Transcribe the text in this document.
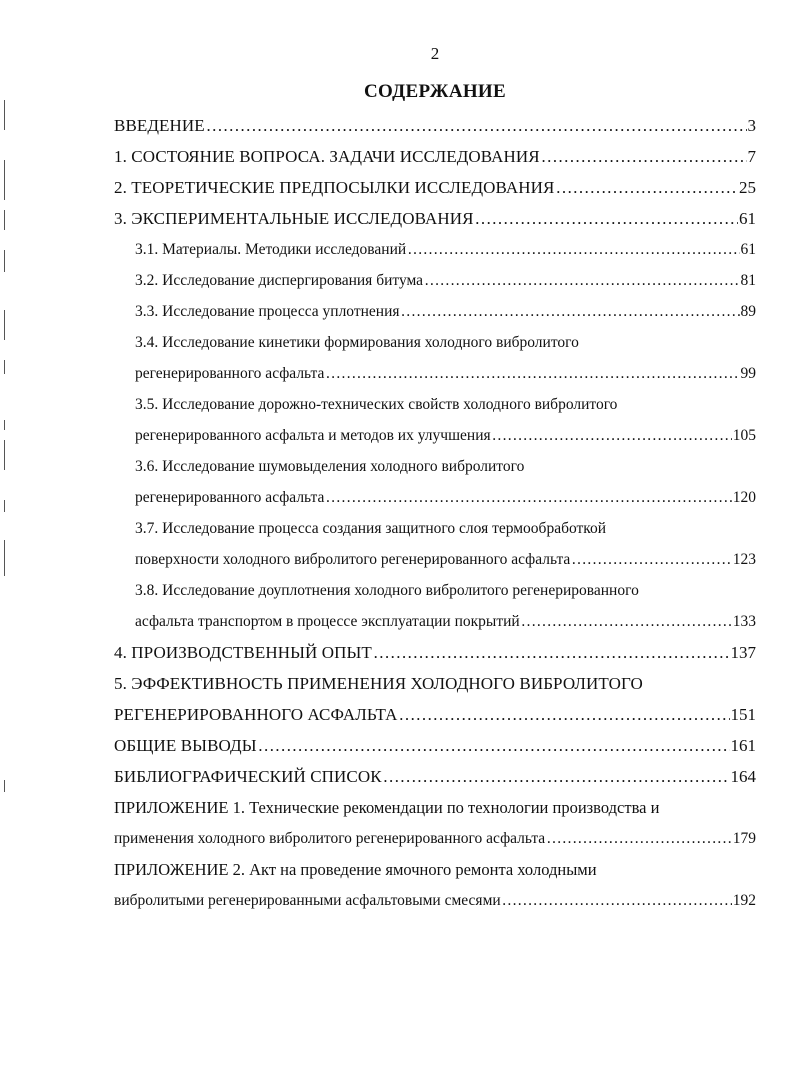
2
СОДЕРЖАНИЕ
ВВЕДЕНИЕ …………………………………………………………………………………………………………………………………………	3
1. СОСТОЯНИЕ ВОПРОСА. ЗАДАЧИ ИССЛЕДОВАНИЯ …………………………………………………………………………………………………………………………………………	7
2. ТЕОРЕТИЧЕСКИЕ ПРЕДПОСЫЛКИ ИССЛЕДОВАНИЯ …………………………………………………………………………………………………………………………………………	25
3. ЭКСПЕРИМЕНТАЛЬНЫЕ ИССЛЕДОВАНИЯ …………………………………………………………………………………………………………………………………………	61
3.1. Материалы. Методики исследований …………………………………………………………………………………………………………………………………………	61
3.2. Исследование диспергирования битума …………………………………………………………………………………………………………………………………………	81
3.3. Исследование процесса уплотнения …………………………………………………………………………………………………………………………………………	89
3.4. Исследование кинетики формирования холодного вибролитого
регенерированного асфальта …………………………………………………………………………………………………………………………………………	99
3.5. Исследование дорожно-технических свойств холодного вибролитого
регенерированного асфальта и методов их улучшения …………………………………………………………………………………………………………………………………………	105
3.6. Исследование шумовыделения холодного вибролитого
регенерированного асфальта …………………………………………………………………………………………………………………………………………	120
3.7. Исследование процесса создания защитного слоя термообработкой
поверхности холодного вибролитого регенерированного асфальта …………………………………………………………………………………………………………………………………………	123
3.8. Исследование доуплотнения холодного вибролитого регенерированного
асфальта транспортом в процессе эксплуатации покрытий …………………………………………………………………………………………………………………………………………	133
4. ПРОИЗВОДСТВЕННЫЙ ОПЫТ …………………………………………………………………………………………………………………………………………	137
5. ЭФФЕКТИВНОСТЬ ПРИМЕНЕНИЯ ХОЛОДНОГО ВИБРОЛИТОГО
РЕГЕНЕРИРОВАННОГО АСФАЛЬТА …………………………………………………………………………………………………………………………………………	151
ОБЩИЕ ВЫВОДЫ …………………………………………………………………………………………………………………………………………	161
БИБЛИОГРАФИЧЕСКИЙ СПИСОК …………………………………………………………………………………………………………………………………………	164
ПРИЛОЖЕНИЕ 1. Технические рекомендации по технологии производства и
применения холодного вибролитого регенерированного асфальта …………………………………………………………………………………………………………………………………………	179
ПРИЛОЖЕНИЕ 2. Акт на проведение ямочного ремонта холодными
вибролитыми регенерированными асфальтовыми смесями …………………………………………………………………………………………………………………………………………	192
